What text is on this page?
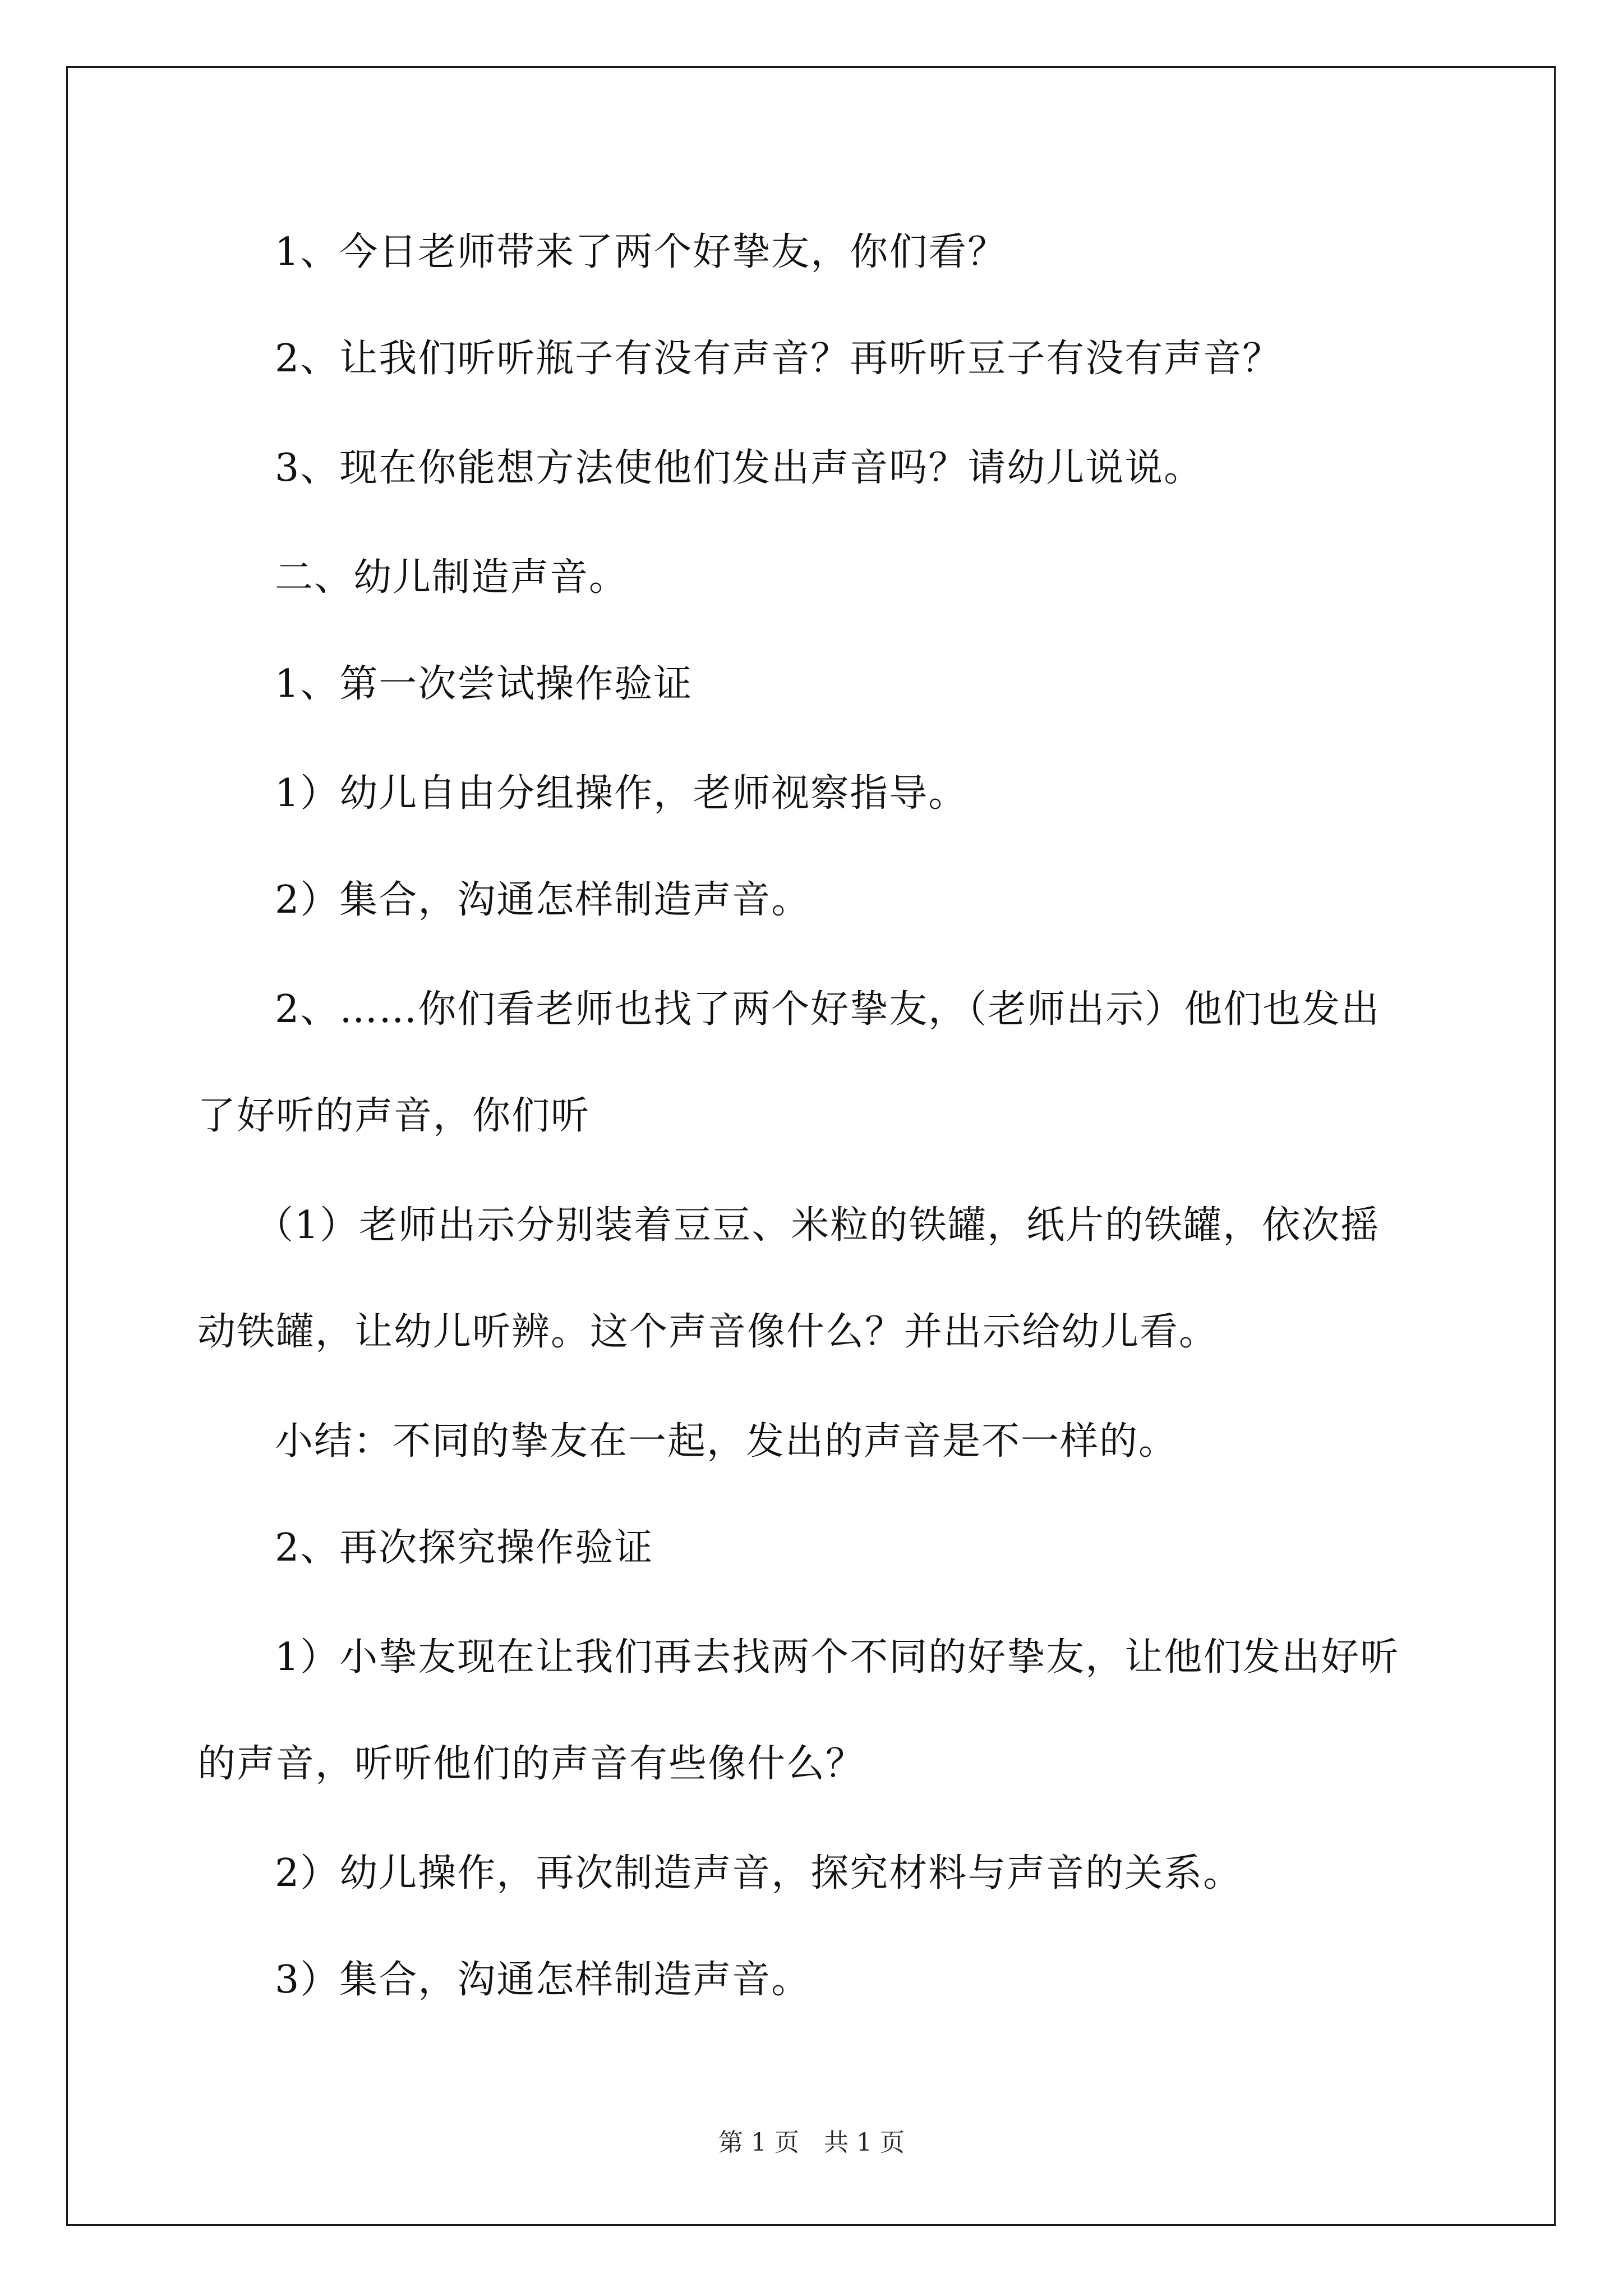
1、今日老师带来了两个好挚友，你们看？
2、让我们听听瓶子有没有声音？再听听豆子有没有声音？
3、现在你能想方法使他们发出声音吗？请幼儿说说。
二、幼儿制造声音。
1、第一次尝试操作验证
1）幼儿自由分组操作，老师视察指导。
2）集合，沟通怎样制造声音。
2、……你们看老师也找了两个好挚友，（老师出示）他们也发出
了好听的声音，你们听
（1）老师出示分别装着豆豆、米粒的铁罐，纸片的铁罐，依次摇
动铁罐，让幼儿听辨。这个声音像什么？并出示给幼儿看。
小结：不同的挚友在一起，发出的声音是不一样的。
2、再次探究操作验证
1）小挚友现在让我们再去找两个不同的好挚友，让他们发出好听
的声音，听听他们的声音有些像什么？
2）幼儿操作，再次制造声音，探究材料与声音的关系。
3）集合，沟通怎样制造声音。
第 1 页　共 1 页
